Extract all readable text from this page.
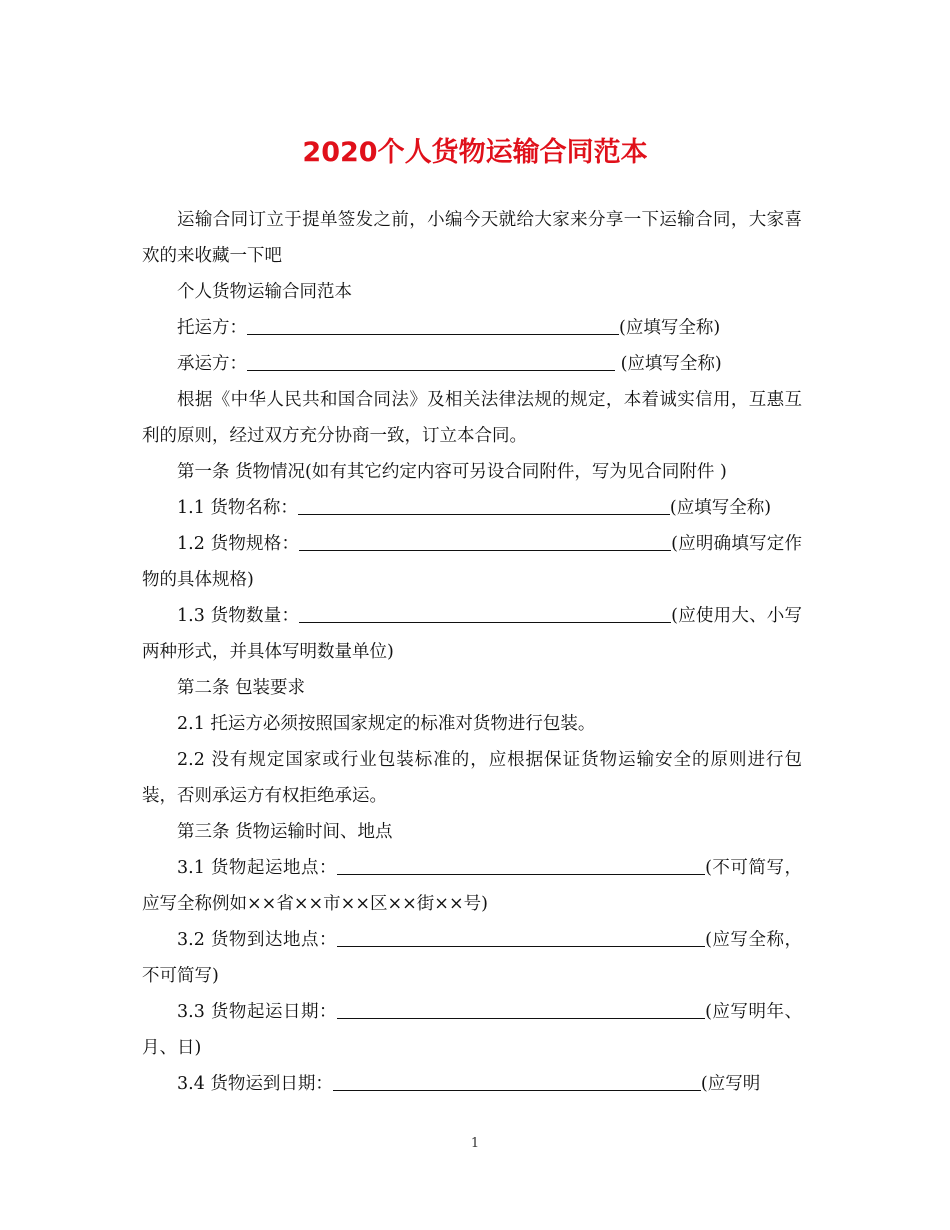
2020个人货物运输合同范本

运输合同订立于提单签发之前，小编今天就给大家来分享一下运输合同，大家喜欢的来收藏一下吧

个人货物运输合同范本

托运方：	(应填写全称)

承运方：	(应填写全称)

根据《中华人民共和国合同法》及相关法律法规的规定，本着诚实信用，互惠互利的原则，经过双方充分协商一致，订立本合同。

第一条 货物情况(如有其它约定内容可另设合同附件，写为见合同附件 )

1.1 货物名称：	(应填写全称)

1.2 货物规格：	(应明确填写定作物的具体规格)

1.3 货物数量：	(应使用大、小写两种形式，并具体写明数量单位)

第二条 包装要求

2.1 托运方必须按照国家规定的标准对货物进行包装。

2.2 没有规定国家或行业包装标准的，应根据保证货物运输安全的原则进行包装，否则承运方有权拒绝承运。

第三条 货物运输时间、地点

3.1 货物起运地点：	(不可简写，应写全称例如××省××市××区××街××号)

3.2 货物到达地点：	(应写全称，不可简写)

3.3 货物起运日期：	(应写明年、月、日)

3.4 货物运到日期：	(应写明

1
